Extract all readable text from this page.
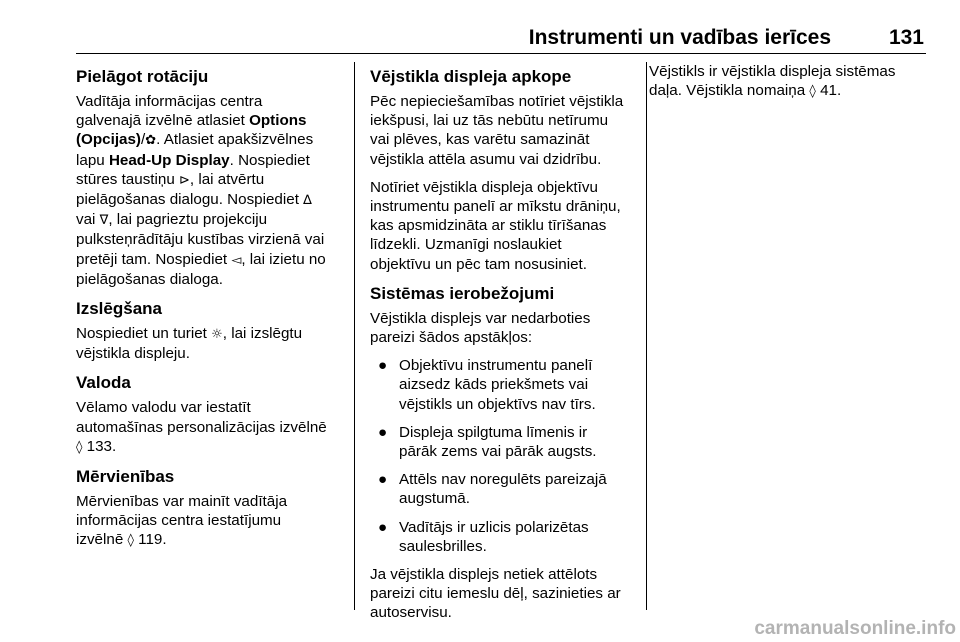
Instrumenti un vadības ierīces	131
Pielāgot rotāciju

Vadītāja informācijas centra
galvenajā izvēlnē atlasiet Options
(Opcijas)/✿. Atlasiet apakšizvēlnes
lapu Head-Up Display. Nospiediet
stūres taustiņu ⊳, lai atvērtu
pielāgošanas dialogu. Nospiediet ∆
vai ∇, lai pagrieztu projekciju
pulksteņrādītāju kustības virzienā vai
pretēji tam. Nospiediet ◅, lai izietu no
pielāgošanas dialoga.

Izslēgšana

Nospiediet un turiet ☼, lai izslēgtu
vējstikla displeju.

Valoda

Vēlamo valodu var iestatīt
automašīnas personalizācijas izvēlnē
◊ 133.

Mērvienības

Mērvienības var mainīt vadītāja
informācijas centra iestatījumu
izvēlnē ◊ 119.

Vējstikla displeja apkope

Pēc nepieciešamības notīriet vējstikla
iekšpusi, lai uz tās nebūtu netīrumu
vai plēves, kas varētu samazināt
vējstikla attēla asumu vai dzidrību.

Notīriet vējstikla displeja objektīvu
instrumentu panelī ar mīkstu drāniņu,
kas apsmidzināta ar stiklu tīrīšanas
līdzekli. Uzmanīgi noslaukiet
objektīvu un pēc tam nosusiniet.

Sistēmas ierobežojumi

Vējstikla displejs var nedarboties
pareizi šādos apstākļos:

● Objektīvu instrumentu panelī
aizsedz kāds priekšmets vai
vējstikls un objektīvs nav tīrs.
● Displeja spilgtuma līmenis ir
pārāk zems vai pārāk augsts.
● Attēls nav noregulēts pareizajā
augstumā.
● Vadītājs ir uzlicis polarizētas
saulesbrilles.

Ja vējstikla displejs netiek attēlots
pareizi citu iemeslu dēļ, sazinieties ar
autoservisu.

Vējstikls ir vējstikla displeja sistēmas
daļa. Vējstikla nomaiņa ◊ 41.

carmanualsonline.info
